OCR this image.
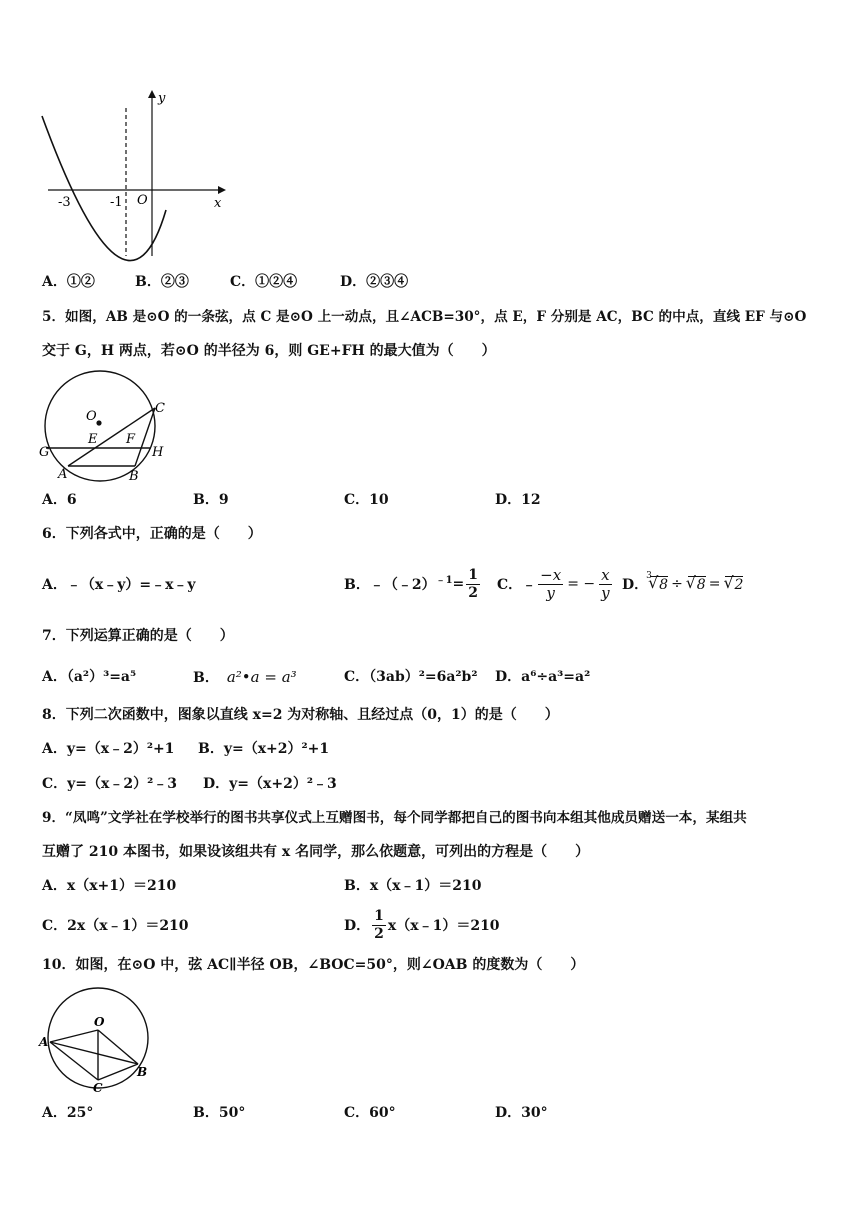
y
x
O
-3	-1
A．①②	B．②③	C．①②④	D．②③④
5．如图，AB 是⊙O 的一条弦，点 C 是⊙O 上一动点，且∠ACB=30°，点 E，F 分别是 AC，BC 的中点，直线 EF 与⊙O
交于 G，H 两点，若⊙O 的半径为 6，则 GE+FH 的最大值为（　　）
O
C
E F
G	H
A	B
A．6	B．9	C．10	D．12
6．下列各式中，正确的是（　　）
A．﹣（x﹣y）=﹣x﹣y	B．﹣（﹣2）$^{﹣1}$ = $\frac{1}{2}$ C．﹣ $\frac{-x}{y}$ = − $\frac{x}{y}$ D．
√ 3
8 ÷	√ 8 =	√ 2
7．下列运算正确的是（　　）
A．（a²）³=a⁵	B． a²•a = a³	C．（3ab）²=6a²b² D．a⁶÷a³=a²
8．下列二次函数中，图象以直线 x=2 为对称轴、且经过点（0，1）的是（　　）
A．y=（x﹣2）²+1 B．y=（x+2）²+1
C．y=（x﹣2）²﹣3 D．y=（x+2）²﹣3
9．“凤鸣”文学社在学校举行的图书共享仪式上互赠图书，每个同学都把自己的图书向本组其他成员赠送一本，某组共
互赠了 210 本图书，如果设该组共有 x 名同学，那么依题意，可列出的方程是（　　）
A．x（x+1）＝210	B．x（x﹣1）＝210
C．2x（x﹣1）＝210	D． $\frac{1}{2}$ x（x﹣1）＝210
10．如图，在⊙O 中，弦 AC∥半径 OB，∠BOC=50°，则∠OAB 的度数为（　　）
O
A
B
C
A．25°	B．50°	C．60°	D．30°
